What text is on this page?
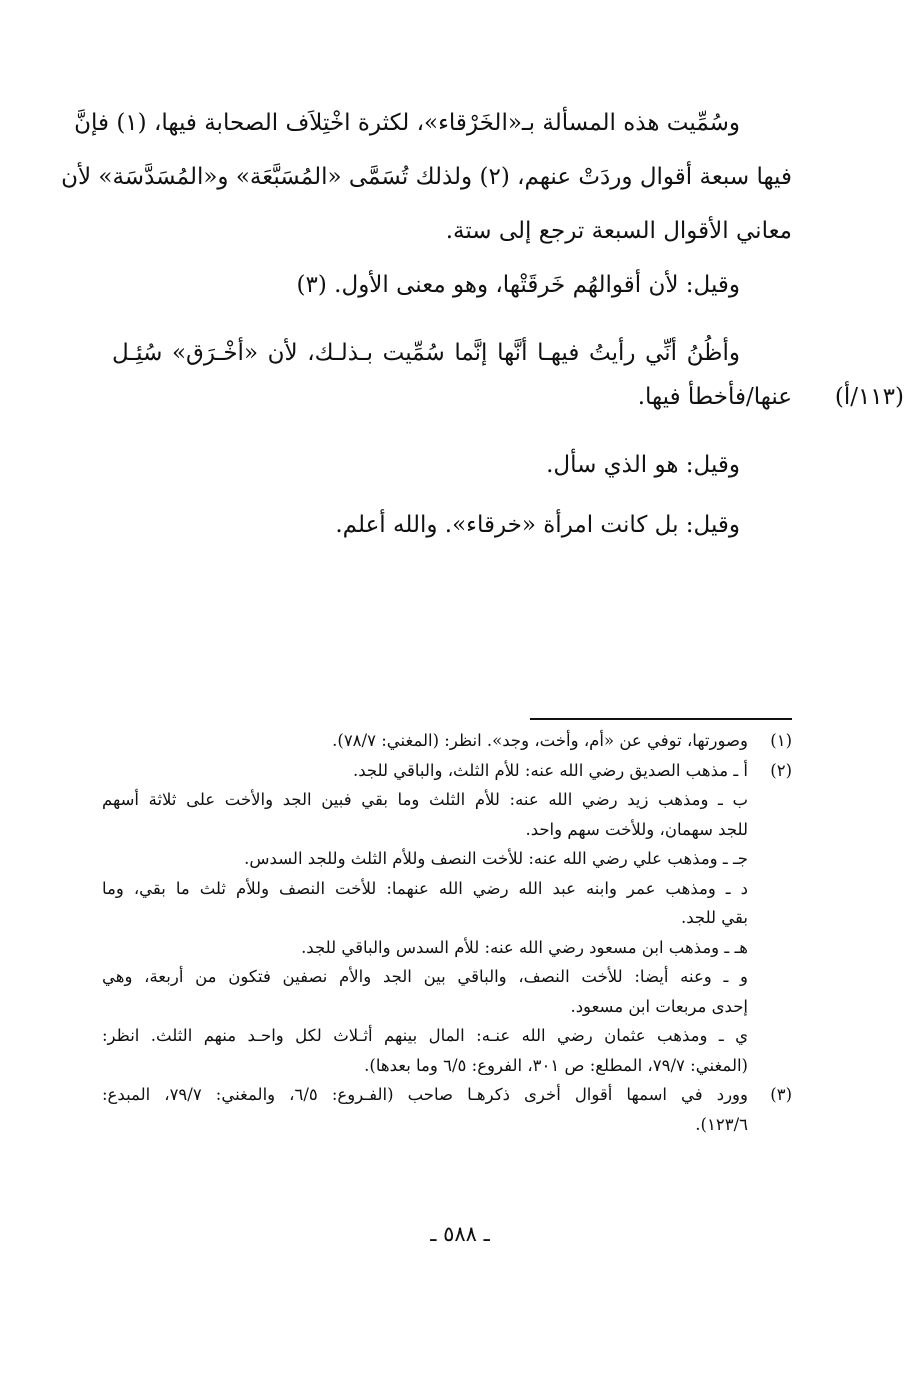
وسُمِّيت هذه المسألة بـ«الخَرْقاء»، لكثرة اخْتِلاَف الصحابة فيها، (١) فإنَّ
فيها سبعة أقوال وردَتْ عنهم، (٢) ولذلك تُسَمَّى «المُسَبَّعَة» و«المُسَدَّسَة» لأن
معاني الأقوال السبعة ترجع إلى ستة.
وقيل: لأن أقوالهُم خَرقَتْها، وهو معنى الأول. (٣)
وأظُنُ أنِّي رأيتُ فيهـا أنَّها إنَّما سُمِّيت بـذلـك، لأن «أخْـرَق» سُئِـل
عنها/فأخطأ فيها.	(١١٣/أ)
وقيل: هو الذي سأل.
وقيل: بل كانت امرأة «خرقاء». والله أعلم.
(١)وصورتها، توفي عن «أم، وأخت، وجد». انظر: (المغني: ٧٨/٧).
(٢)أ ـ مذهب الصديق رضي الله عنه: للأم الثلث، والباقي للجد.
ب ـ ومذهب زيد رضي الله عنه: للأم الثلث وما بقي فبين الجد والأخت على ثلاثة أسهم
للجد سهمان، وللأخت سهم واحد.
جـ ـ ومذهب علي رضي الله عنه: للأخت النصف وللأم الثلث وللجد السدس.
د ـ ومذهب عمر وابنه عبد الله رضي الله عنهما: للأخت النصف وللأم ثلث ما بقي، وما
بقي للجد.
هـ ـ ومذهب ابن مسعود رضي الله عنه: للأم السدس والباقي للجد.
و ـ وعنه أيضا: للأخت النصف، والباقي بين الجد والأم نصفين فتكون من أربعة، وهي
إحدى مربعات ابن مسعود.
ي ـ ومذهب عثمان رضي الله عنـه: المال بينهم أثـلاث لكل واحـد منهم الثلث. انظر:
(المغني: ٧٩/٧، المطلع: ص ٣٠١، الفروع: ٦/٥ وما بعدها).
(٣)وورد في اسمها أقوال أخرى ذكرهـا صاحب (الفـروع: ٦/٥، والمغني: ٧٩/٧، المبدع:
١٢٣/٦).
ـ ٥٨٨ ـ
